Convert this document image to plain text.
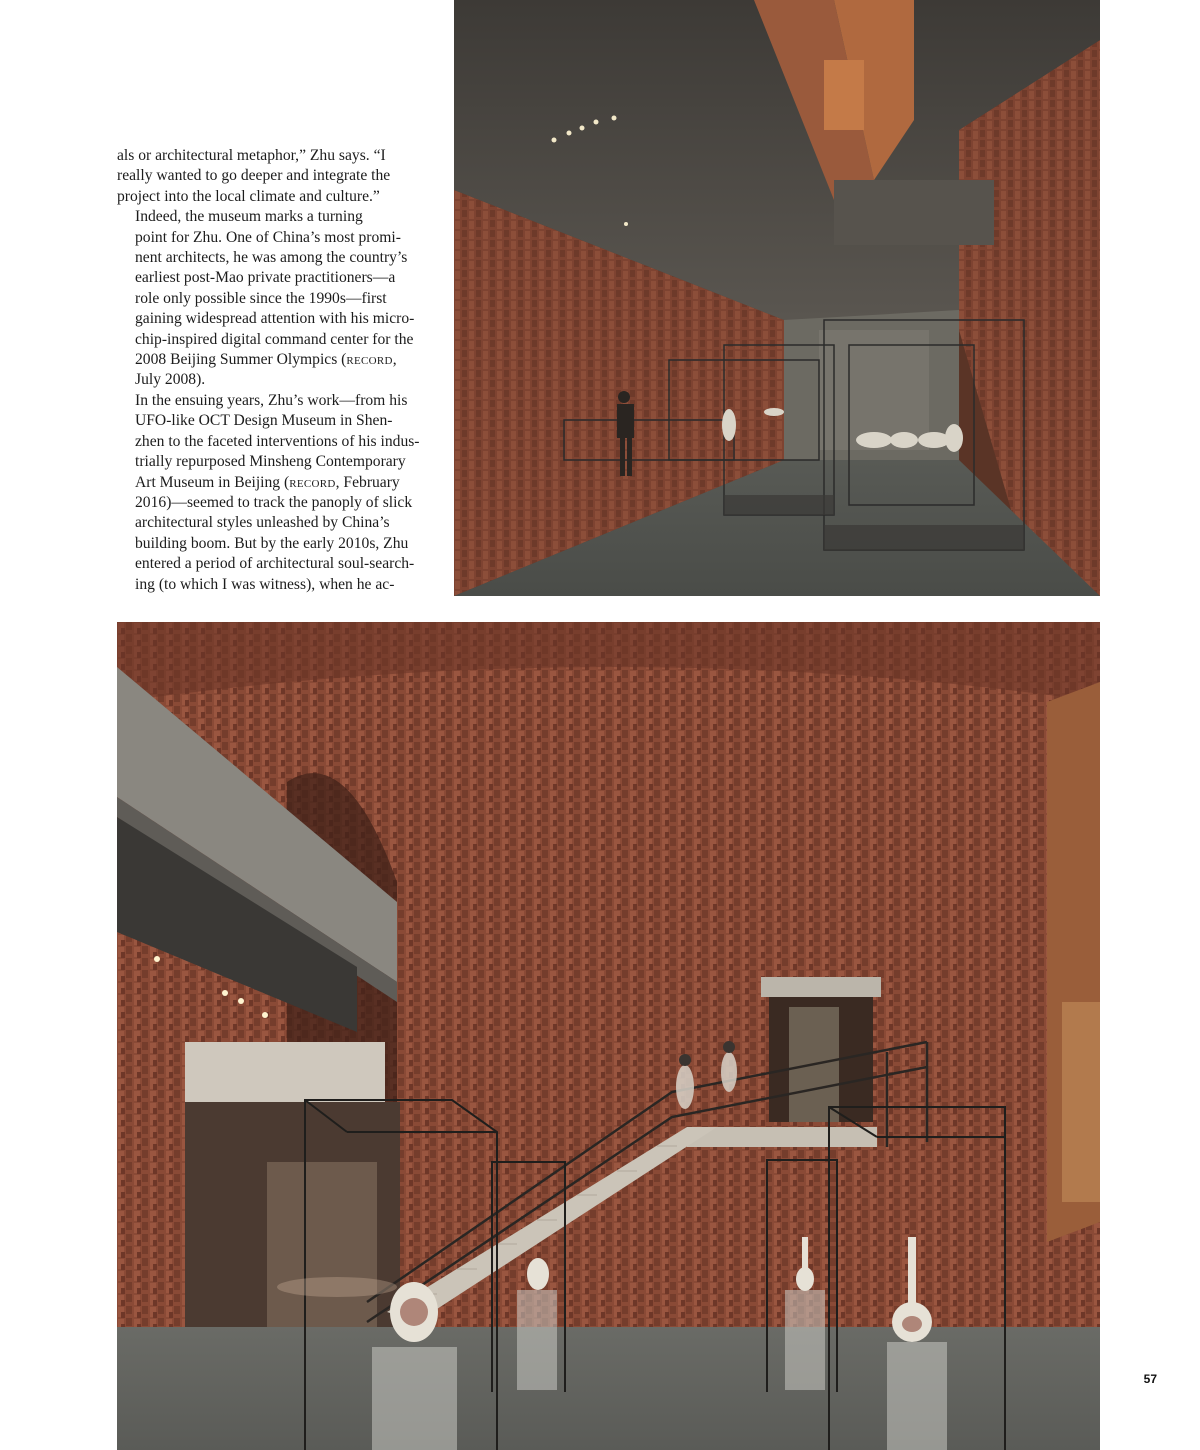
als or architectural metaphor,” Zhu says. “I
really wanted to go deeper and integrate the
project into the local climate and culture.”

Indeed, the museum marks a turning
point for Zhu. One of China’s most promi-
nent architects, he was among the country’s
earliest post-Mao private practitioners—a
role only possible since the 1990s—first
gaining widespread attention with his micro-
chip-inspired digital command center for the
2008 Beijing Summer Olympics (record,
July 2008).

In the ensuing years, Zhu’s work—from his
UFO-like OCT Design Museum in Shen-
zhen to the faceted interventions of his indus-
trially repurposed Minsheng Contemporary
Art Museum in Beijing (record, February
2016)—seemed to track the panoply of slick
architectural styles unleashed by China’s
building boom. But by the early 2010s, Zhu
entered a period of architectural soul-search-
ing (to which I was witness), when he ac-

57
